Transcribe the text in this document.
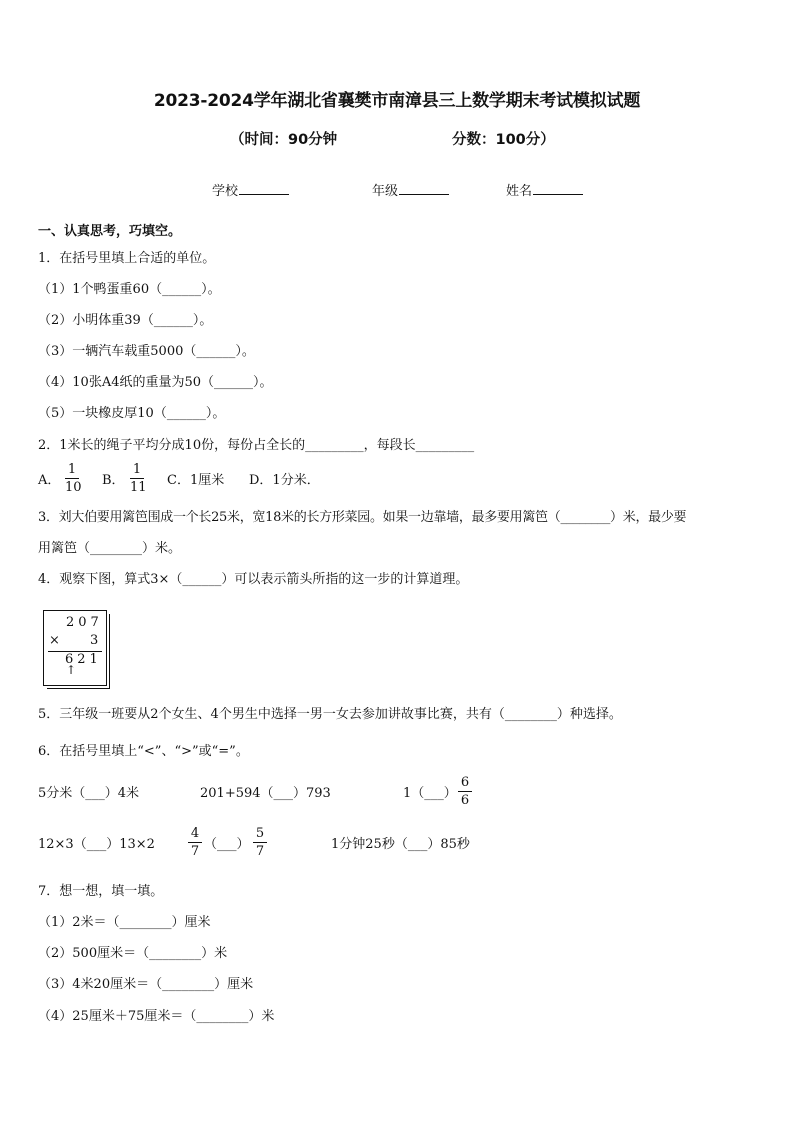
2023-2024学年湖北省襄樊市南漳县三上数学期末考试模拟试题
（时间：90分钟	分数：100分）
学校	年级	姓名
一、认真思考，巧填空。
1．在括号里填上合适的单位。
（1）1个鸭蛋重60（______）。
（2）小明体重39（______）。
（3）一辆汽车载重5000（______）。
（4）10张A4纸的重量为50（______）。
（5）一块橡皮厚10（______）。
2．1米长的绳子平均分成10份，每份占全长的_________，每段长_________
A．
1
10 B．
1
11 C．1厘米 D．1分米．
3．刘大伯要用篱笆围成一个长25米，宽18米的长方形菜园。如果一边靠墙，最多要用篱笆（________）米，最少要
用篱笆（________）米。
4．观察下图，算式3×（______）可以表示箭头所指的这一步的计算道理。
207
× 3
621
↑
5．三年级一班要从2个女生、4个男生中选择一男一女去参加讲故事比赛，共有（________）种选择。
6．在括号里填上“<”、“>”或“=”。
5分米（___）4米	201+594（___）793	1（___）
6
6
12×3（___）13×2
4
7 （___）
5
7	1分钟25秒（___）85秒
7．想一想，填一填。
（1）2米＝（________）厘米
（2）500厘米＝（________）米
（3）4米20厘米＝（________）厘米
（4）25厘米＋75厘米＝（________）米
